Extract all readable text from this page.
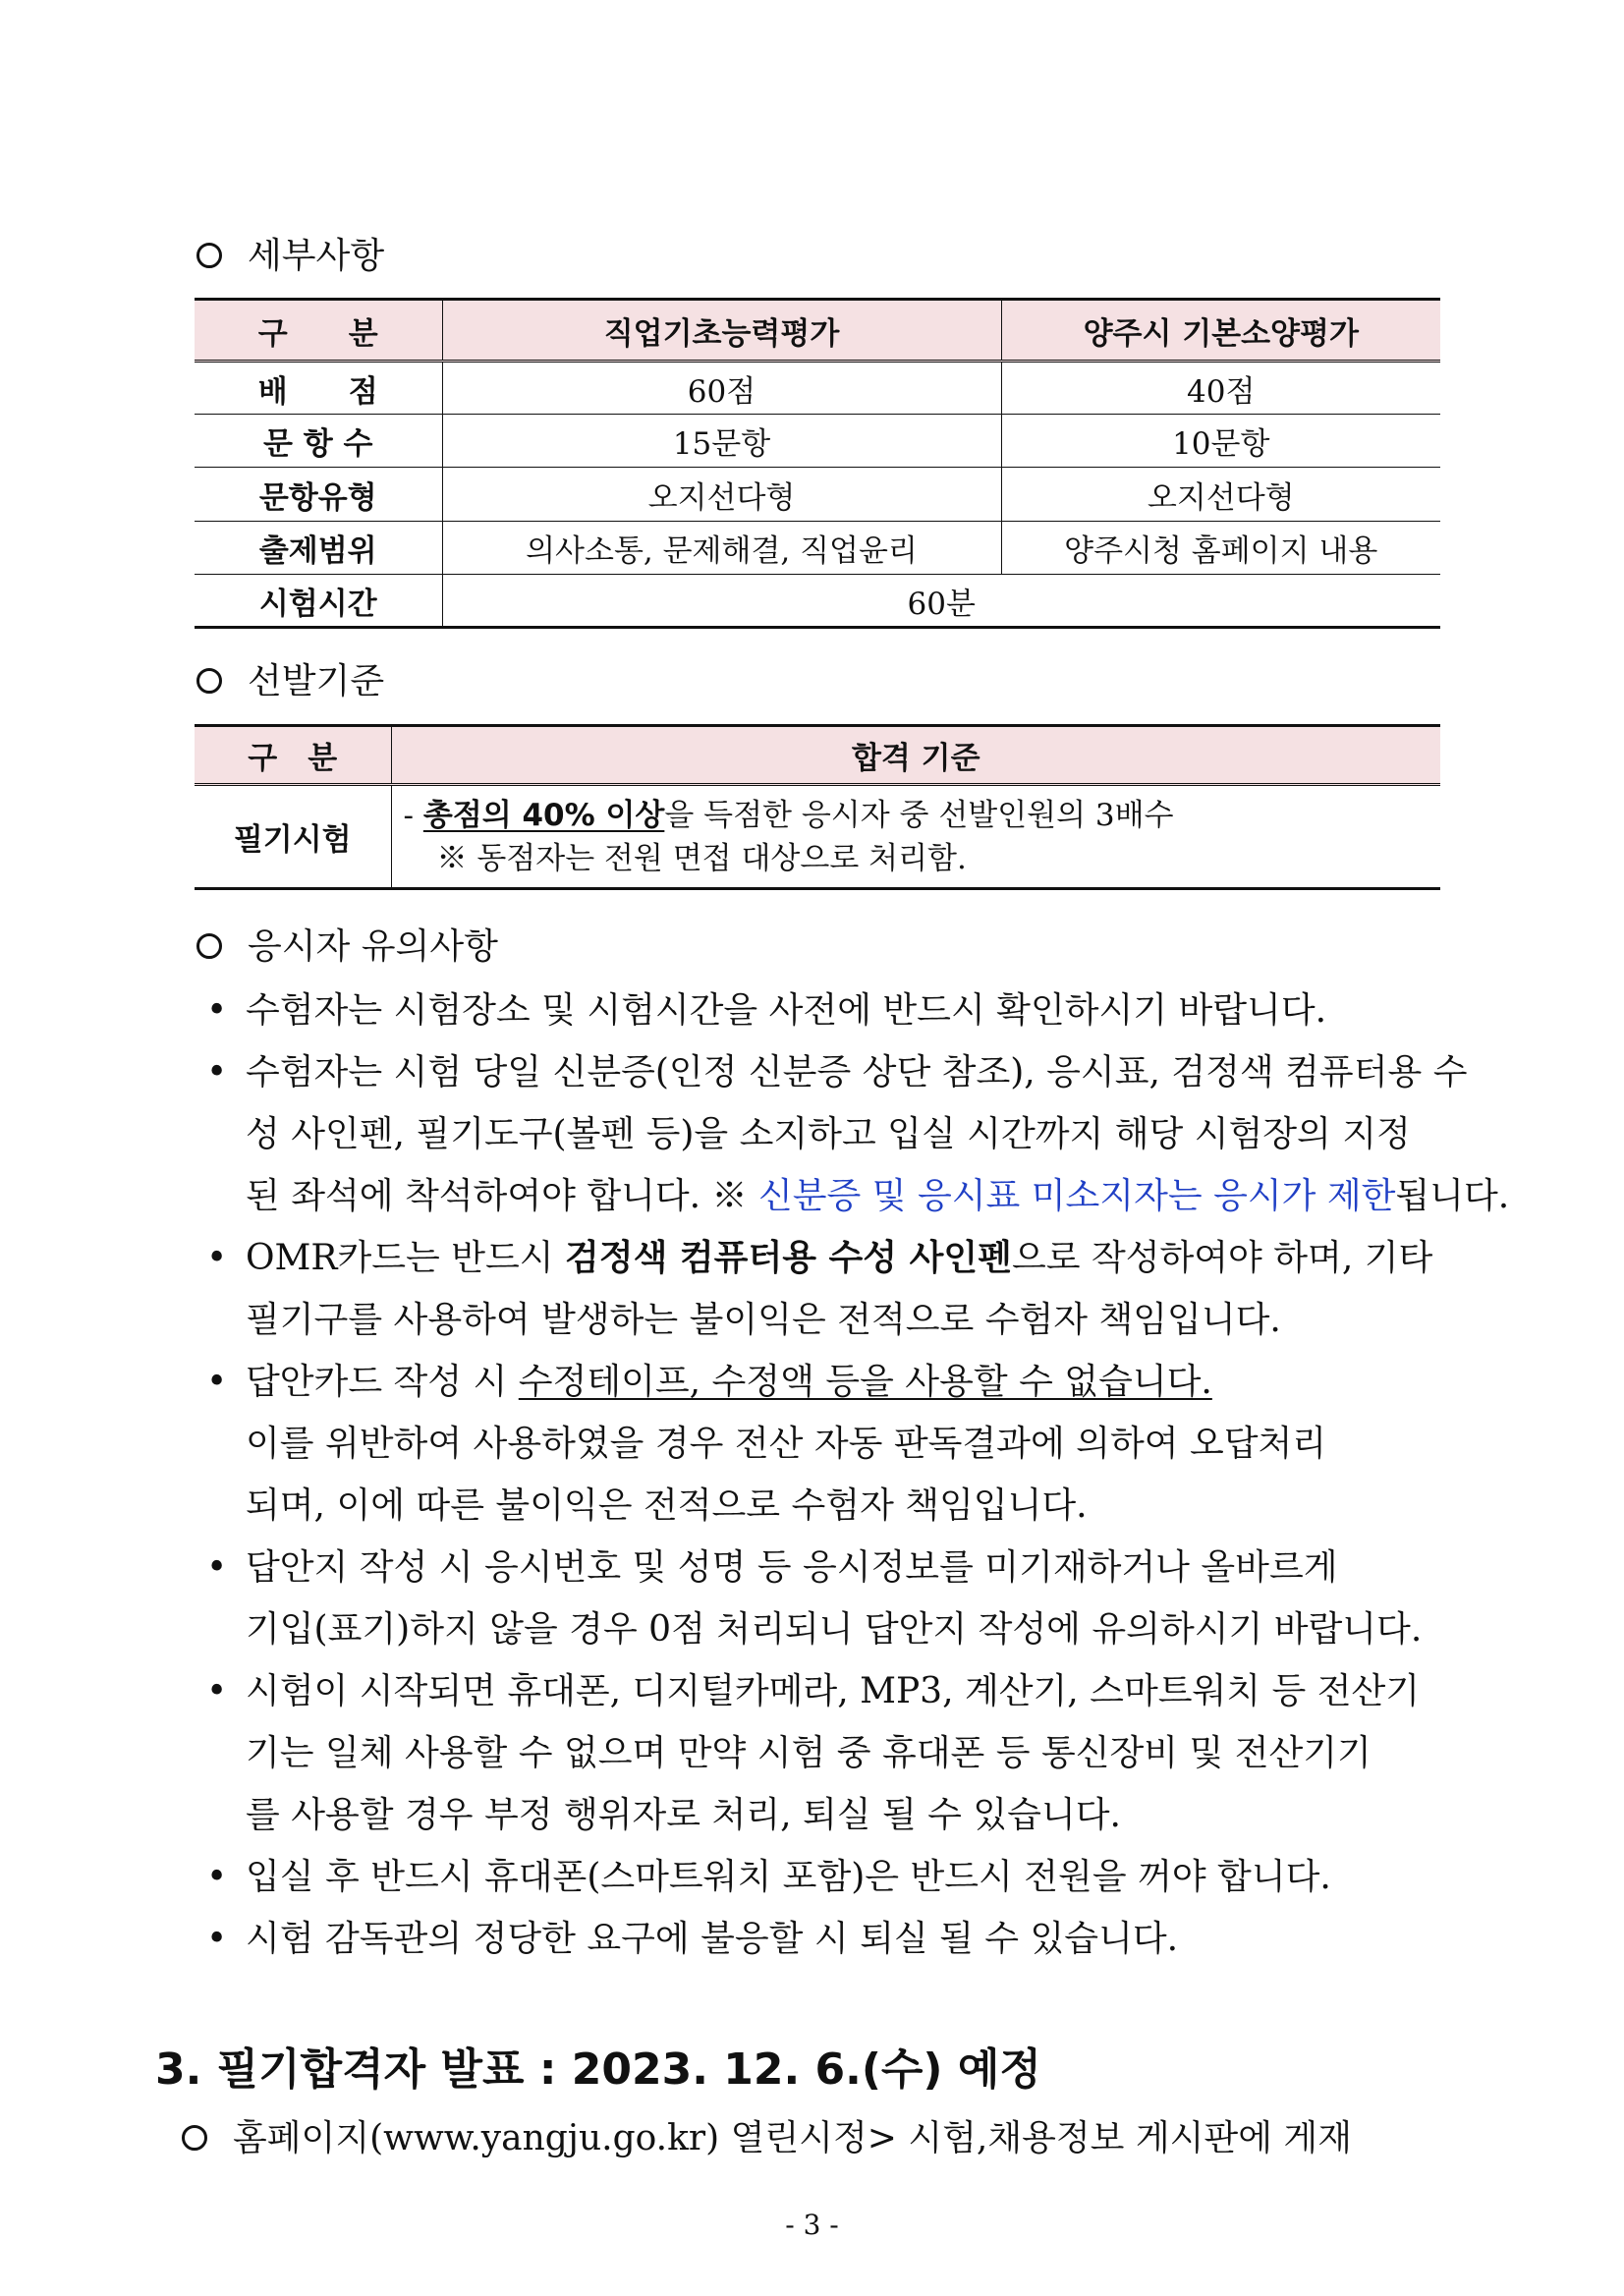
세부사항
구　　분	직업기초능력평가	양주시 기본소양평가
배　　점	60점	40점
문 항 수	15문항	10문항
문항유형	오지선다형	오지선다형
출제범위	의사소통, 문제해결, 직업윤리	양주시청 홈페이지 내용
시험시간	60분	
선발기준
구　분	합격 기준
필기시험	- 총점의 40% 이상을 득점한 응시자 중 선발인원의 3배수
※ 동점자는 전원 면접 대상으로 처리함.
응시자 유의사항
• 수험자는 시험장소 및 시험시간을 사전에 반드시 확인하시기 바랍니다.
• 수험자는 시험 당일 신분증(인정 신분증 상단 참조), 응시표, 검정색 컴퓨터용 수
성 사인펜, 필기도구(볼펜 등)을 소지하고 입실 시간까지 해당 시험장의 지정
된 좌석에 착석하여야 합니다. ※ 신분증 및 응시표 미소지자는 응시가 제한됩니다.
• OMR카드는 반드시 검정색 컴퓨터용 수성 사인펜으로 작성하여야 하며, 기타
필기구를 사용하여 발생하는 불이익은 전적으로 수험자 책임입니다.
• 답안카드 작성 시 수정테이프, 수정액 등을 사용할 수 없습니다.
이를 위반하여 사용하였을 경우 전산 자동 판독결과에 의하여 오답처리
되며, 이에 따른 불이익은 전적으로 수험자 책임입니다.
• 답안지 작성 시 응시번호 및 성명 등 응시정보를 미기재하거나 올바르게
기입(표기)하지 않을 경우 0점 처리되니 답안지 작성에 유의하시기 바랍니다.
• 시험이 시작되면 휴대폰, 디지털카메라, MP3, 계산기, 스마트워치 등 전산기
기는 일체 사용할 수 없으며 만약 시험 중 휴대폰 등 통신장비 및 전산기기
를 사용할 경우 부정 행위자로 처리, 퇴실 될 수 있습니다.
• 입실 후 반드시 휴대폰(스마트워치 포함)은 반드시 전원을 꺼야 합니다.
• 시험 감독관의 정당한 요구에 불응할 시 퇴실 될 수 있습니다.
3. 필기합격자 발표 : 2023. 12. 6.(수) 예정
홈페이지(www.yangju.go.kr) 열린시정> 시험,채용정보 게시판에 게재
- 3 -
